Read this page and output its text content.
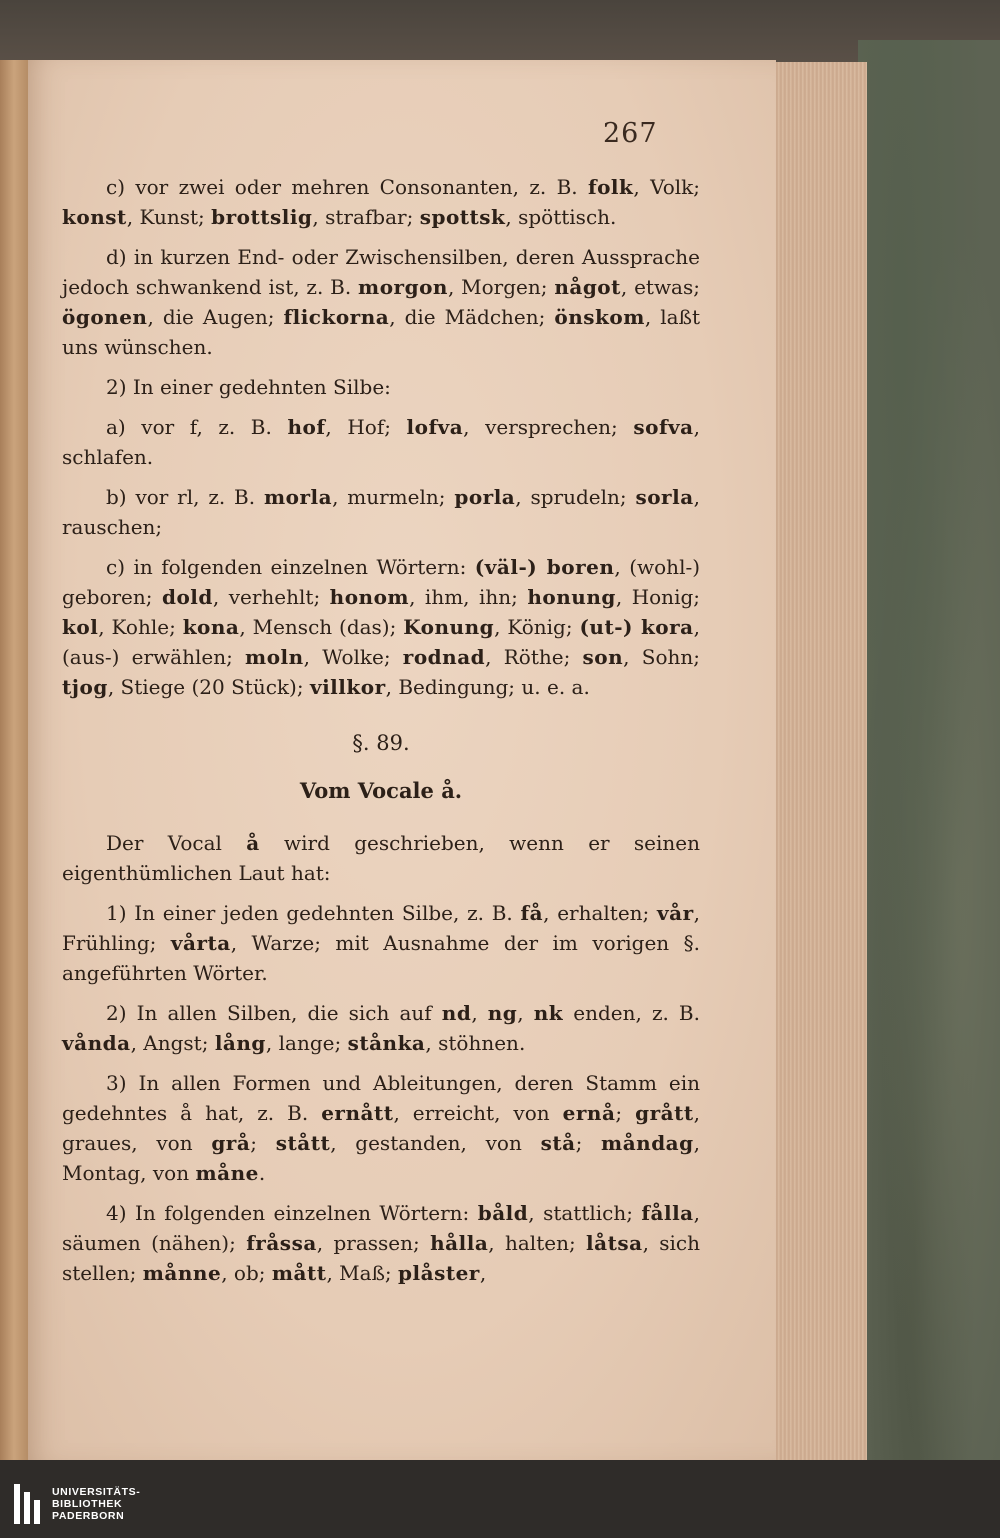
267

c) vor zwei oder mehren Consonanten, z. B. folk, Volk; konst, Kunst; brottslig, strafbar; spottsk, spöttisch.

d) in kurzen End- oder Zwischensilben, deren Aussprache jedoch schwankend ist, z. B. morgon, Morgen; något, etwas; ögonen, die Augen; flickorna, die Mädchen; önskom, laßt uns wünschen.

2) In einer gedehnten Silbe:

a) vor f, z. B. hof, Hof; lofva, versprechen; sofva, schlafen.

b) vor rl, z. B. morla, murmeln; porla, sprudeln; sorla, rauschen;

c) in folgenden einzelnen Wörtern: (väl-) boren, (wohl-) geboren; dold, verhehlt; honom, ihm, ihn; honung, Honig; kol, Kohle; kona, Mensch (das); Konung, König; (ut-) kora, (aus-) erwählen; moln, Wolke; rodnad, Röthe; son, Sohn; tjog, Stiege (20 Stück); villkor, Bedingung; u. e. a.

§. 89.
Vom Vocale å.

Der Vocal å wird geschrieben, wenn er seinen eigenthümlichen Laut hat:

1) In einer jeden gedehnten Silbe, z. B. få, erhalten; vår, Frühling; vårta, Warze; mit Ausnahme der im vorigen §. angeführten Wörter.

2) In allen Silben, die sich auf nd, ng, nk enden, z. B. vånda, Angst; lång, lange; stånka, stöhnen.

3) In allen Formen und Ableitungen, deren Stamm ein gedehntes å hat, z. B. ernått, erreicht, von ernå; grått, graues, von grå; stått, gestanden, von stå; måndag, Montag, von måne.

4) In folgenden einzelnen Wörtern: båld, stattlich; fålla, säumen (nähen); fråssa, prassen; hålla, halten; låtsa, sich stellen; månne, ob; mått, Maß; plåster,

UNIVERSITÄTS-
BIBLIOTHEK
PADERBORN
